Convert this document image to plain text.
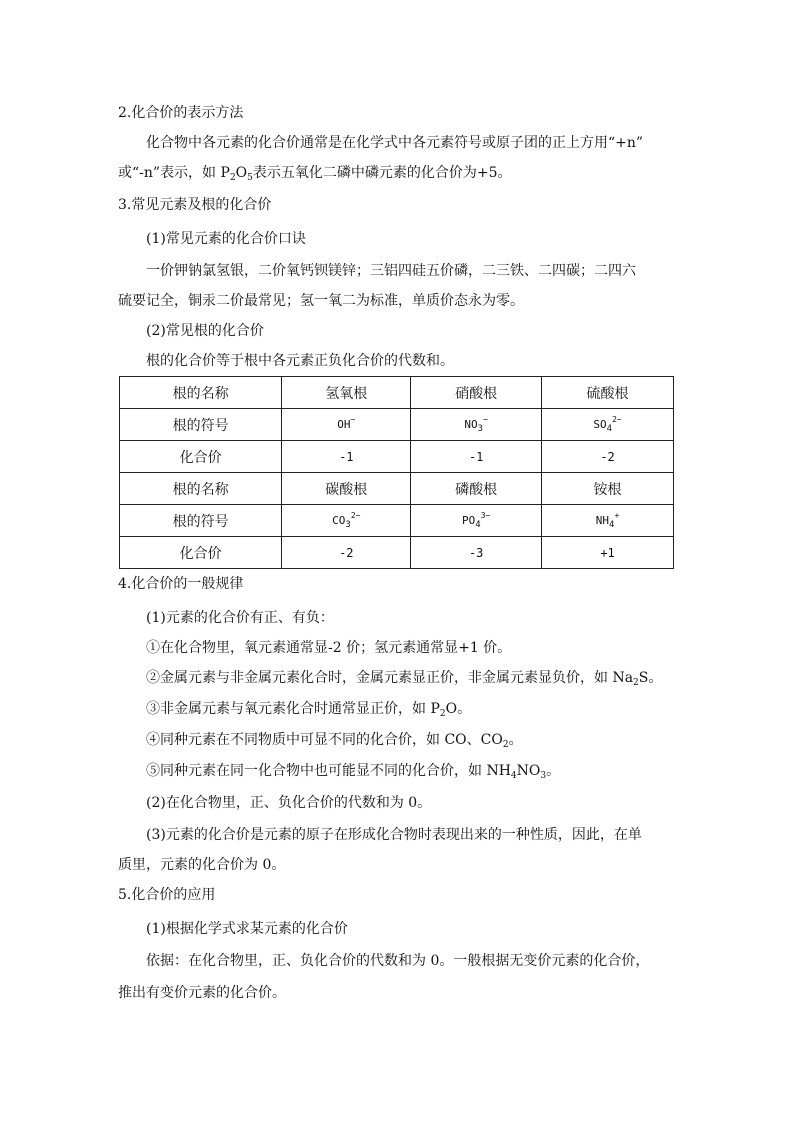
2.化合价的表示方法
化合物中各元素的化合价通常是在化学式中各元素符号或原子团的正上方用“+n”
或“-n”表示，如 $P_2O_5$表示五氧化二磷中磷元素的化合价为+5。
3.常见元素及根的化合价
(1)常见元素的化合价口诀
一价钾钠氯氢银，二价氧钙钡镁锌；三铝四硅五价磷，二三铁、二四碳；二四六
硫要记全，铜汞二价最常见；氢一氧二为标准，单质价态永为零。
(2)常见根的化合价
根的化合价等于根中各元素正负化合价的代数和。
根的名称	氢氧根	硝酸根	硫酸根
根的符号	OH−	$NO_3^-$	$SO_4^{2-}$
化合价	-1	-1	-2
根的名称	碳酸根	磷酸根	铵根
根的符号	$CO_3^{2-}$	$PO_4^{3-}$	$NH_4^+$
化合价	-2	-3	+1
4.化合价的一般规律
(1)元素的化合价有正、有负：
①在化合物里，氧元素通常显-2 价；氢元素通常显+1 价。
②金属元素与非金属元素化合时，金属元素显正价，非金属元素显负价，如 $Na_2S$。
③非金属元素与氧元素化合时通常显正价，如 $P_2O$。
④同种元素在不同物质中可显不同的化合价，如 CO、$CO_2$。
⑤同种元素在同一化合物中也可能显不同的化合价，如 $NH_4NO_3$。
(2)在化合物里，正、负化合价的代数和为 0。
(3)元素的化合价是元素的原子在形成化合物时表现出来的一种性质，因此，在单
质里，元素的化合价为 0。
5.化合价的应用
(1)根据化学式求某元素的化合价
依据：在化合物里，正、负化合价的代数和为 0。一般根据无变价元素的化合价，
推出有变价元素的化合价。
